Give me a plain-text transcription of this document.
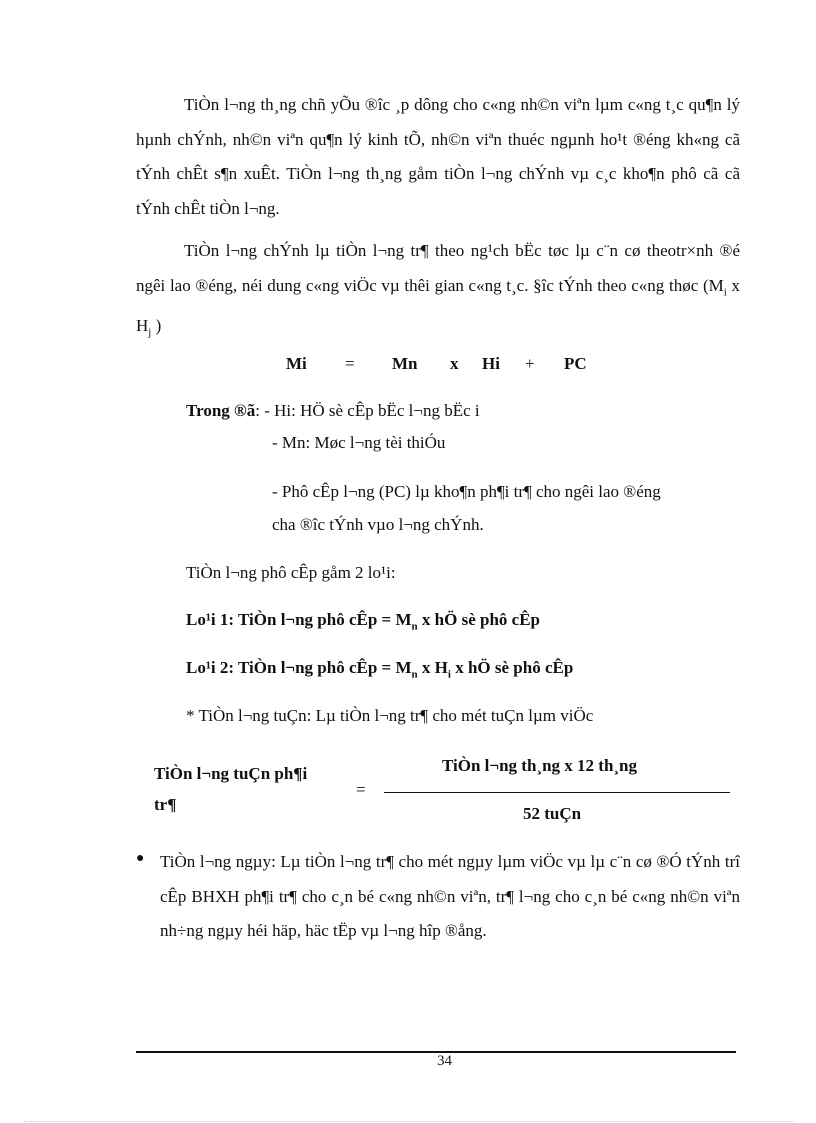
TiÒn l¬ng th¸ng chñ yÕu ®îc ¸p dông cho c«ng nh©n viªn lµm c«ng t¸c qu¶n lý hµnh chÝnh, nh©n viªn qu¶n lý kinh tÕ, nh©n viªn thuéc ngµnh ho¹t ®éng kh«ng cã tÝnh chÊt s¶n xuÊt. TiÒn l¬ng th¸ng gåm tiÒn l¬ng chÝnh vµ c¸c kho¶n phô cã cã tÝnh chÊt tiÒn l¬ng.
TiÒn l¬ng chÝnh lµ tiÒn l¬ng tr¶ theo ng¹ch bËc tøc lµ c¨n cø theotr×nh ®é ngêi lao ®éng, néi dung c«ng viÖc vµ thêi gian c«ng t¸c. §îc tÝnh theo c«ng thøc ($M_i$ x $H_j$ )
Mi = Mn x Hi + PC
Trong ®ã: - Hi: HÖ sè cÊp bËc l¬ng bËc i
- Mn: Møc l¬ng tèi thiÓu
- Phô cÊp l¬ng (PC) lµ kho¶n ph¶i tr¶ cho ngêi lao ®éng
cha ®îc tÝnh vµo l¬ng chÝnh.
TiÒn l¬ng phô cÊp gåm 2 lo¹i:
Lo¹i 1: TiÒn l¬ng phô cÊp = $M_n$ x hÖ sè phô cÊp
Lo¹i 2: TiÒn l¬ng phô cÊp = $M_n$ x $H_i$ x hÖ sè phô cÊp
* TiÒn l¬ng tuÇn: Lµ tiÒn l¬ng tr¶ cho mét tuÇn lµm viÖc
TiÒn l¬ng tuÇn ph¶i
tr¶
=
TiÒn l¬ng th¸ng x 12 th¸ng
52 tuÇn
● TiÒn l¬ng ngµy: Lµ tiÒn l¬ng tr¶ cho mét ngµy lµm viÖc vµ lµ c¨n cø ®Ó tÝnh trî cÊp BHXH ph¶i tr¶ cho c¸n bé c«ng nh©n viªn, tr¶ l¬ng cho c¸n bé c«ng nh©n viªn nh÷ng ngµy héi häp, häc tËp vµ l¬ng hîp ®ång.
34
